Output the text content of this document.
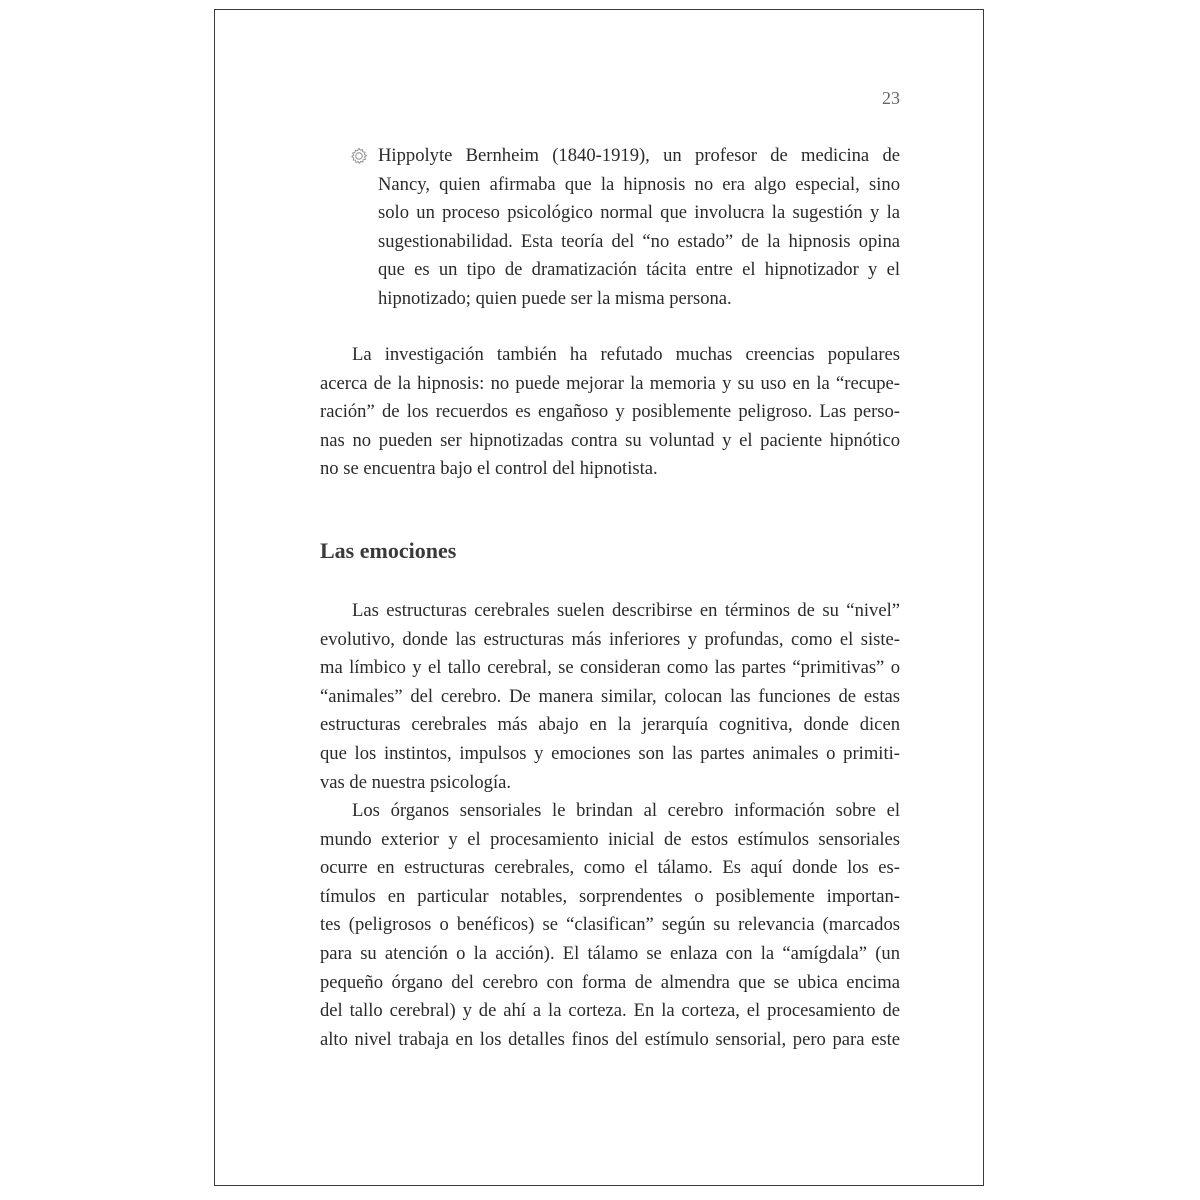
23
Hippolyte Bernheim (1840-1919), un profesor de medicina de
Nancy, quien afirmaba que la hipnosis no era algo especial, sino
solo un proceso psicológico normal que involucra la sugestión y la
sugestionabilidad. Esta teoría del “no estado” de la hipnosis opina
que es un tipo de dramatización tácita entre el hipnotizador y el
hipnotizado; quien puede ser la misma persona.
La investigación también ha refutado muchas creencias populares
acerca de la hipnosis: no puede mejorar la memoria y su uso en la “recupe-
ración” de los recuerdos es engañoso y posiblemente peligroso. Las perso-
nas no pueden ser hipnotizadas contra su voluntad y el paciente hipnótico
no se encuentra bajo el control del hipnotista.
Las emociones
Las estructuras cerebrales suelen describirse en términos de su “nivel”
evolutivo, donde las estructuras más inferiores y profundas, como el siste-
ma límbico y el tallo cerebral, se consideran como las partes “primitivas” o
“animales” del cerebro. De manera similar, colocan las funciones de estas
estructuras cerebrales más abajo en la jerarquía cognitiva, donde dicen
que los instintos, impulsos y emociones son las partes animales o primiti-
vas de nuestra psicología.
Los órganos sensoriales le brindan al cerebro información sobre el
mundo exterior y el procesamiento inicial de estos estímulos sensoriales
ocurre en estructuras cerebrales, como el tálamo. Es aquí donde los es-
tímulos en particular notables, sorprendentes o posiblemente importan-
tes (peligrosos o benéficos) se “clasifican” según su relevancia (marcados
para su atención o la acción). El tálamo se enlaza con la “amígdala” (un
pequeño órgano del cerebro con forma de almendra que se ubica encima
del tallo cerebral) y de ahí a la corteza. En la corteza, el procesamiento de
alto nivel trabaja en los detalles finos del estímulo sensorial, pero para este
